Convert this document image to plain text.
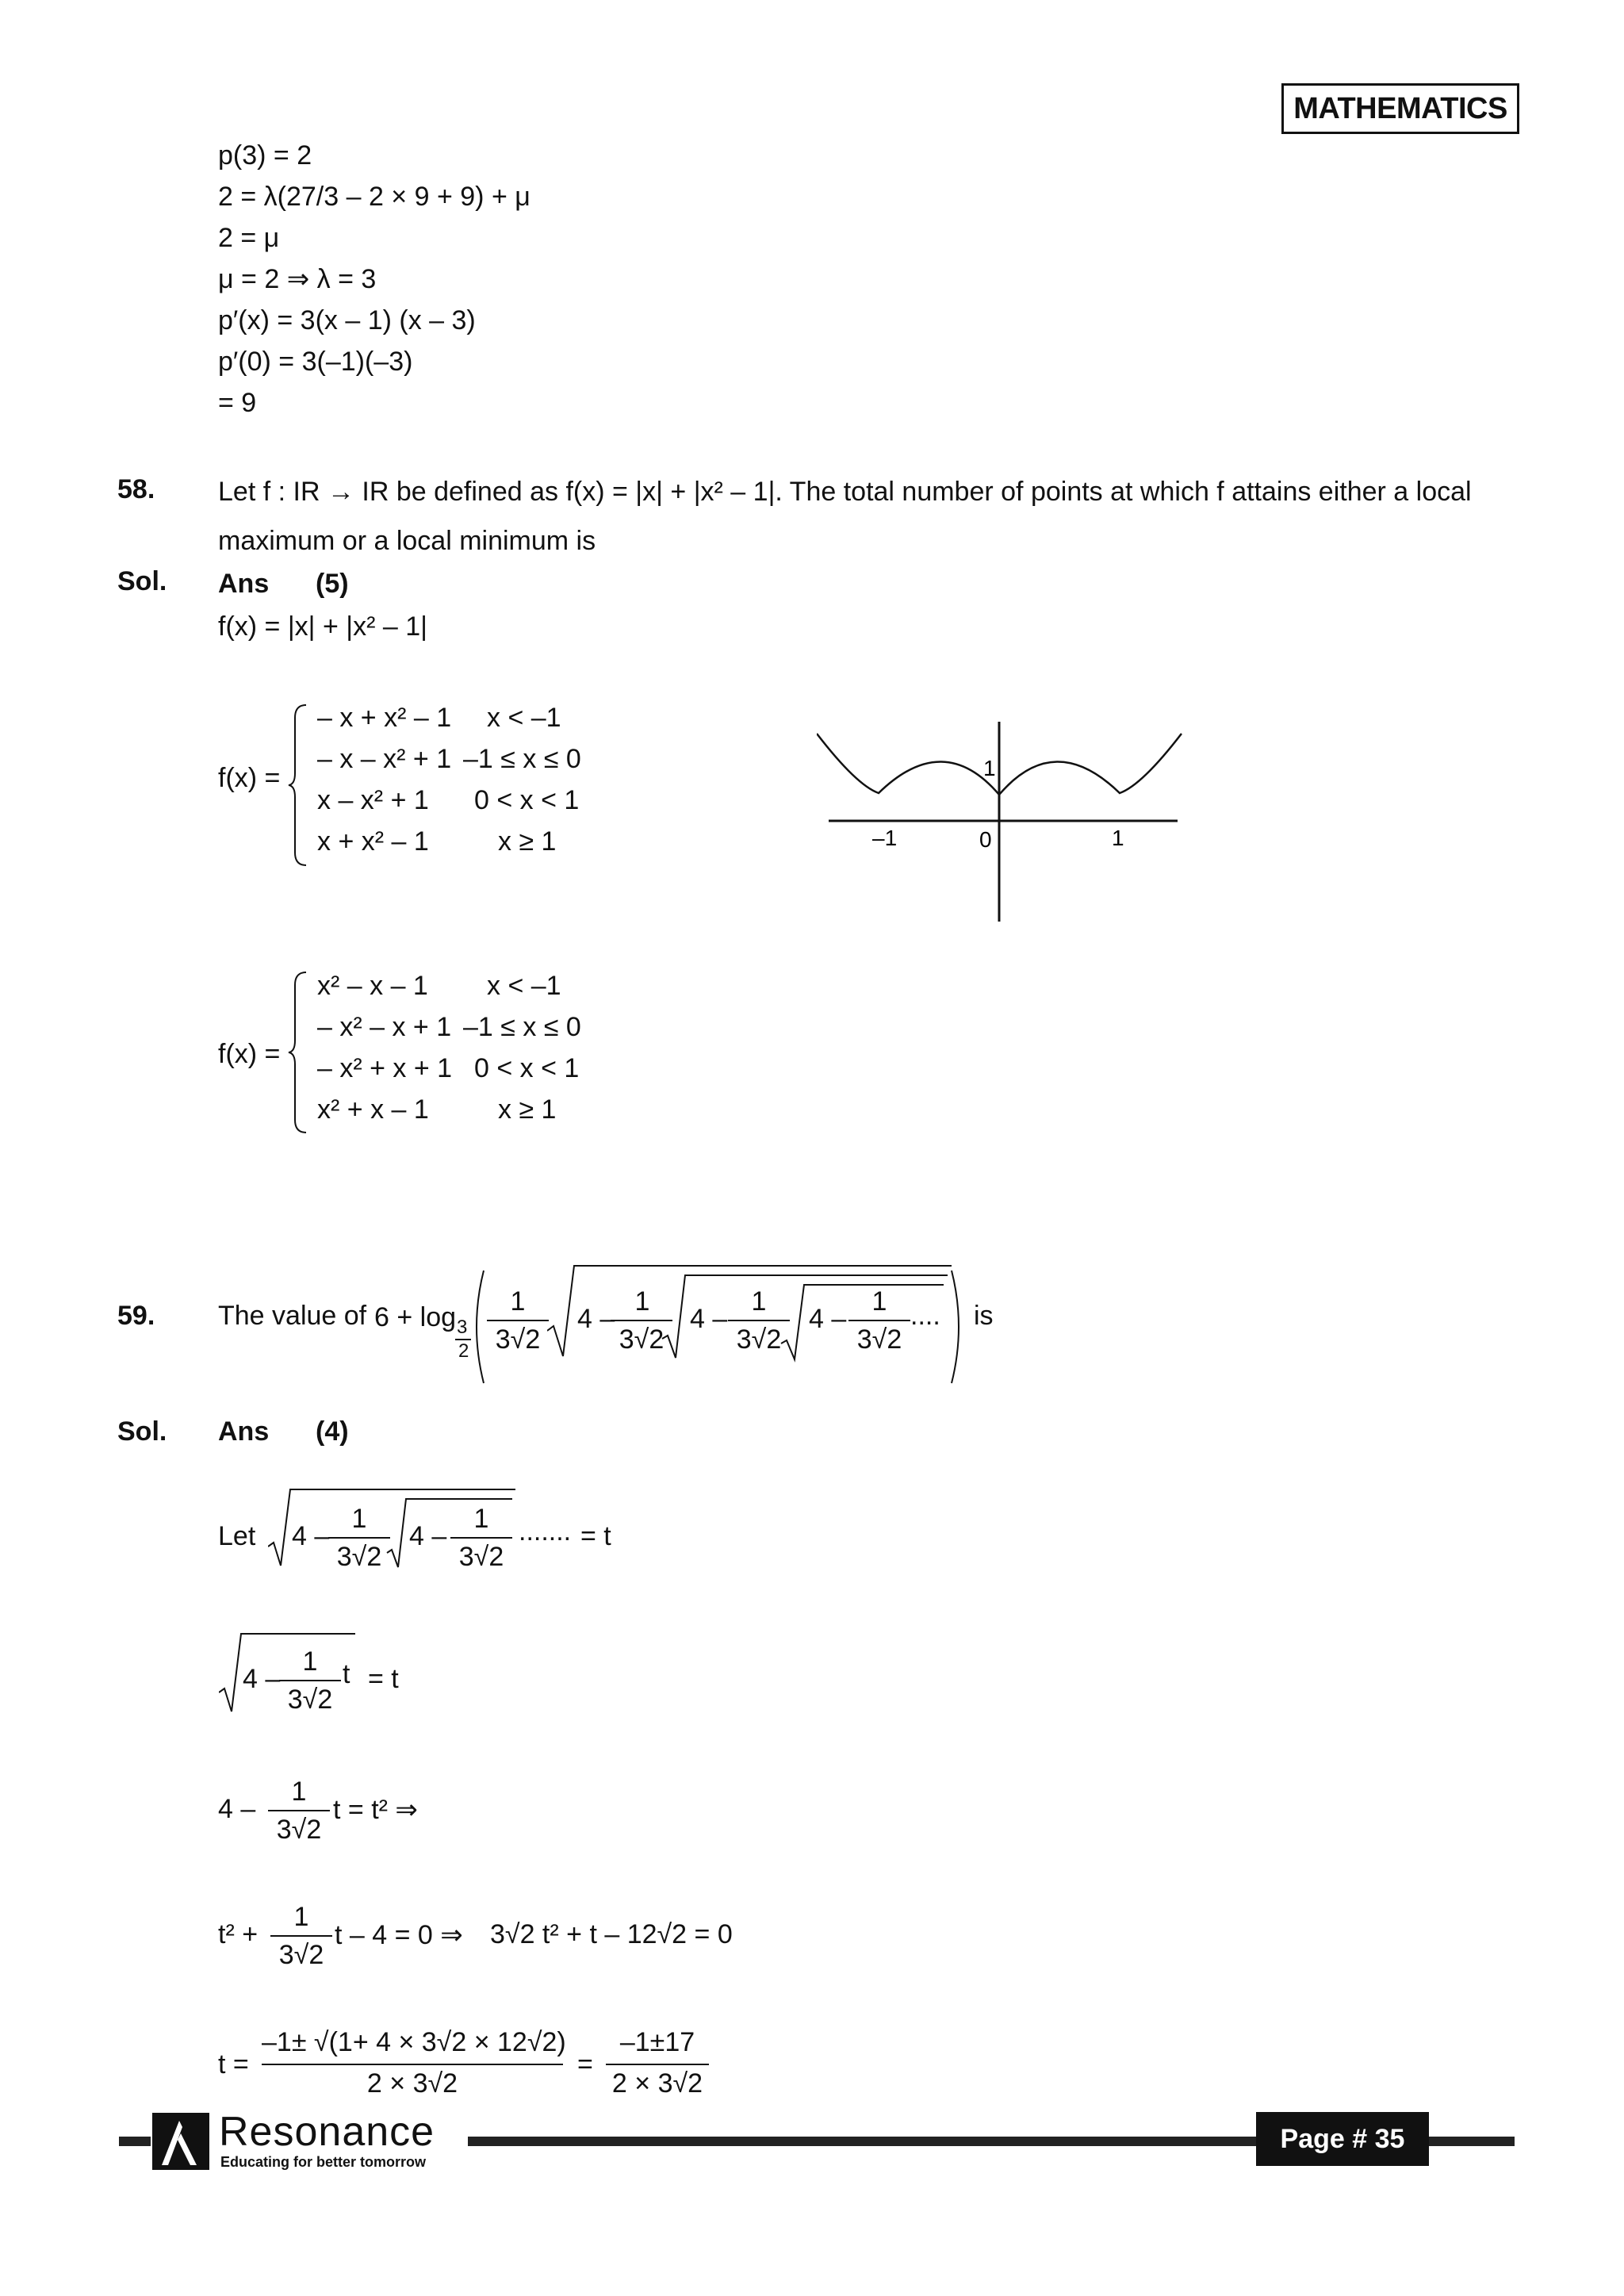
MATHEMATICS
p(3) = 2
2 = λ(27/3 – 2 × 9 + 9) + μ
2 = μ
μ = 2 ⇒ λ = 3
p′(x) = 3(x – 1) (x – 3)
p′(0) = 3(–1)(–3)
= 9
58. Let f : IR → IR be defined as f(x) = |x| + |x² – 1|. The total number of points at which f attains either a local
maximum or a local minimum is
Sol. Ans (5)
f(x) = |x| + |x² – 1|
f(x) =
– x + x² – 1 x < –1
– x – x² + 1 –1 ≤ x ≤ 0
x – x² + 1 0 < x < 1
x + x² – 1	x ≥ 1
1
–1	0	1
f(x) =
x² – x – 1 x < –1
– x² – x + 1 –1 ≤ x ≤ 0
– x² + x + 1 0 < x < 1
x² + x – 1	x ≥ 1
59. The value of 6 + log 3
2
1
3√2
4 –
1
3√2
4 –
1
3√2
4 –
1
3√2
.... is
Sol. Ans (4)
Let 4 –
1
3√2
4 –
1
3√2
....... = t
4 –
1
3√2
t = t
4 –
1
3√2
t = t² ⇒
t² +
1
3√2
t – 4 = 0 ⇒ 3√2 t² + t – 12√2 = 0
t =
–1± √(1+ 4 × 3√2 × 12√2)
2 × 3√2
=
–1±17
2 × 3√2
Resonance
Educating for better tomorrow
Page # 35
